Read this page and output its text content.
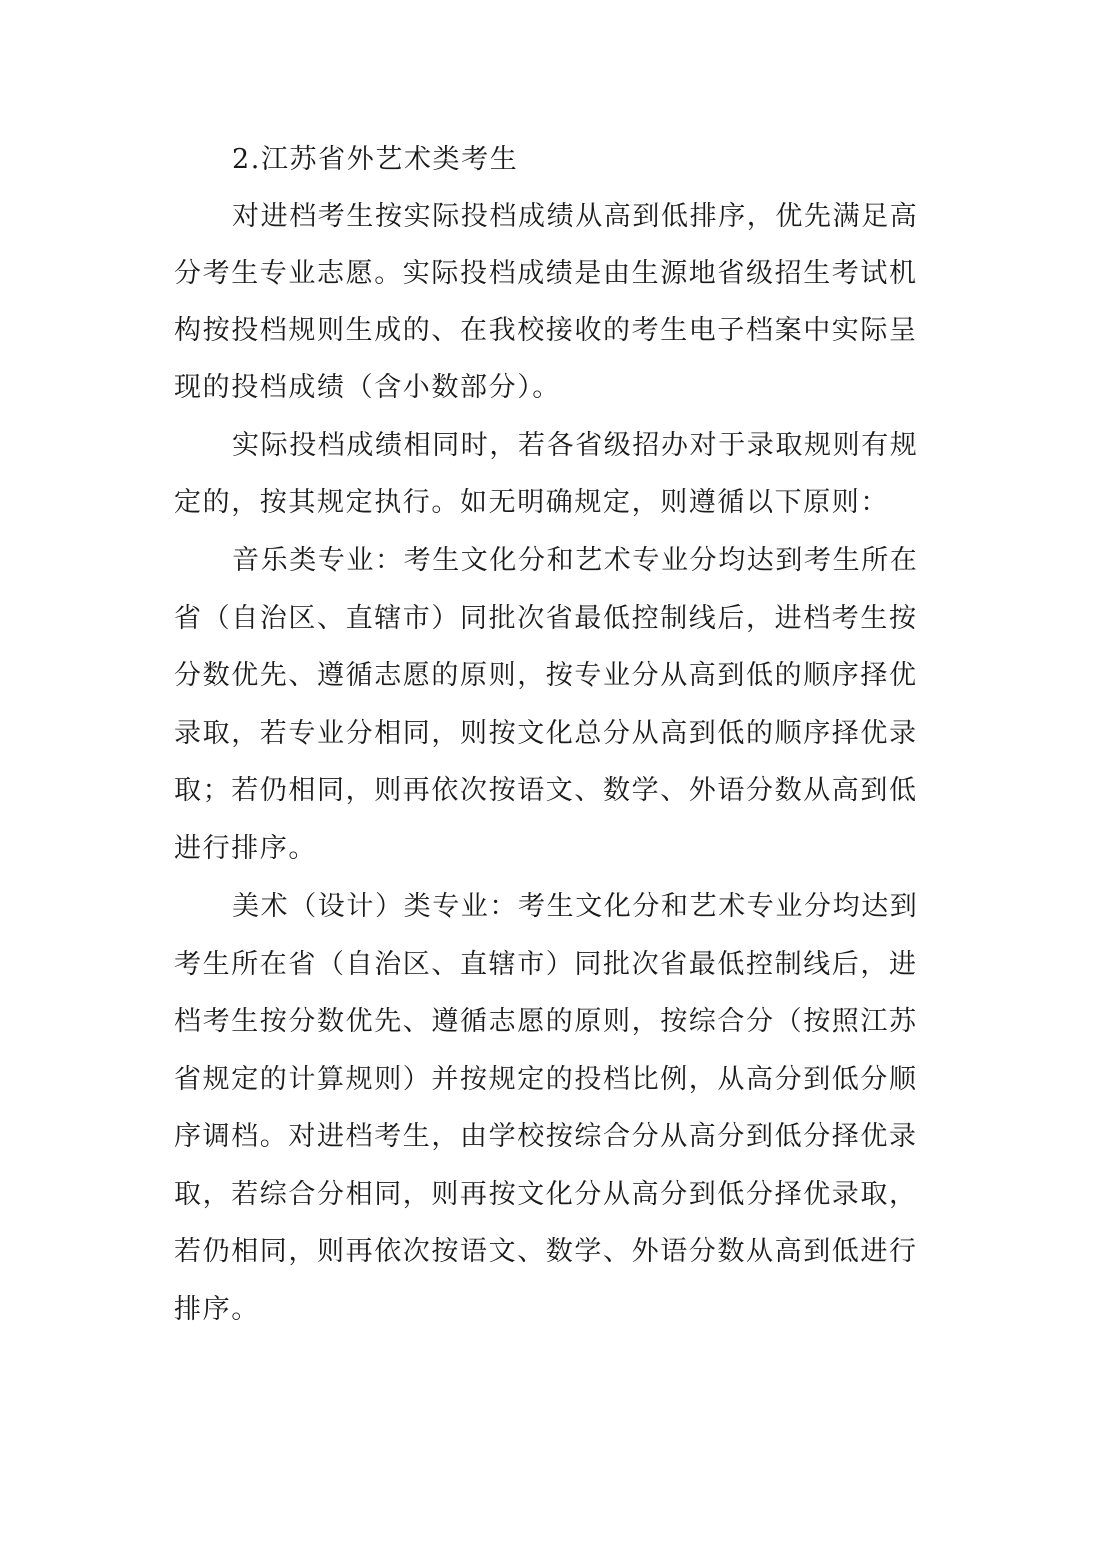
2.江苏省外艺术类考生
对进档考生按实际投档成绩从高到低排序，优先满足高
分考生专业志愿。实际投档成绩是由生源地省级招生考试机
构按投档规则生成的、在我校接收的考生电子档案中实际呈
现的投档成绩（含小数部分）。
实际投档成绩相同时，若各省级招办对于录取规则有规
定的，按其规定执行。如无明确规定，则遵循以下原则：
音乐类专业：考生文化分和艺术专业分均达到考生所在
省（自治区、直辖市）同批次省最低控制线后，进档考生按
分数优先、遵循志愿的原则，按专业分从高到低的顺序择优
录取，若专业分相同，则按文化总分从高到低的顺序择优录
取；若仍相同，则再依次按语文、数学、外语分数从高到低
进行排序。
美术（设计）类专业：考生文化分和艺术专业分均达到
考生所在省（自治区、直辖市）同批次省最低控制线后，进
档考生按分数优先、遵循志愿的原则，按综合分（按照江苏
省规定的计算规则）并按规定的投档比例，从高分到低分顺
序调档。对进档考生，由学校按综合分从高分到低分择优录
取，若综合分相同，则再按文化分从高分到低分择优录取，
若仍相同，则再依次按语文、数学、外语分数从高到低进行
排序。
